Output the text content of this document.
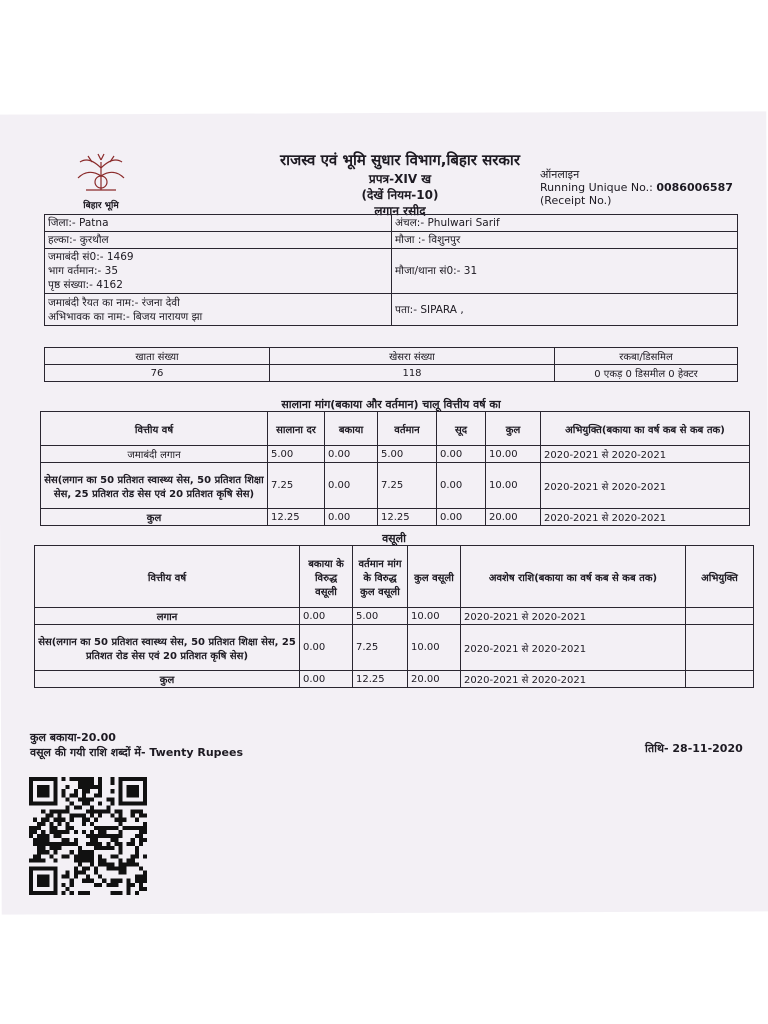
बिहार भूमि
राजस्व एवं भूमि सुधार विभाग,बिहार सरकार
प्रपत्र-XIV ख
(देखें नियम-10)
लगान रसीद
ऑनलाइन
Running Unique No.: 0086006587
(Receipt No.)
जिला:- Patna	अंचल:- Phulwari Sarif
हल्का:- कुरथौल	मौजा :- विशुनपुर

जमाबंदी सं0:- 1469
भाग वर्तमान:- 35
पृष्ठ संख्या:- 4162	मौजा/थाना सं0:- 31

जमाबंदी रैयत का नाम:- रंजना देवी
अभिभावक का नाम:- बिजय नारायण झा	पता:- SIPARA ,
खाता संख्या	खेसरा संख्या	रकबा/डिसमिल
76	118	0 एकड़ 0 डिसमील 0 हेक्टर
सालाना मांग(बकाया और वर्तमान) चालू वित्तीय वर्ष का
वित्तीय वर्ष	सालाना दर	बकाया	वर्तमान	सूद	कुल	अभियुक्ति(बकाया का वर्ष कब से कब तक)
जमाबंदी लगान	5.00	0.00	5.00	0.00	10.00	2020-2021 से 2020-2021
सेस(लगान का 50 प्रतिशत स्वास्थ्य सेस, 50 प्रतिशत शिक्षा सेस, 25 प्रतिशत रोड सेस एवं 20 प्रतिशत कृषि सेस)	7.25	0.00	7.25	0.00	10.00	2020-2021 से 2020-2021
कुल	12.25	0.00	12.25	0.00	20.00	2020-2021 से 2020-2021
वसूली
वित्तीय वर्ष	बकाया के विरुद्ध वसूली	वर्तमान मांग के विरुद्ध कुल वसूली	कुल वसूली	अवशेष राशि(बकाया का वर्ष कब से कब तक)	अभियुक्ति
लगान	0.00	5.00	10.00	2020-2021 से 2020-2021	
सेस(लगान का 50 प्रतिशत स्वास्थ्य सेस, 50 प्रतिशत शिक्षा सेस, 25 प्रतिशत रोड सेस एवं 20 प्रतिशत कृषि सेस)	0.00	7.25	10.00	2020-2021 से 2020-2021	
कुल	0.00	12.25	20.00	2020-2021 से 2020-2021	
कुल बकाया-20.00
वसूल की गयी राशि शब्दों में- Twenty Rupees	तिथि- 28-11-2020
